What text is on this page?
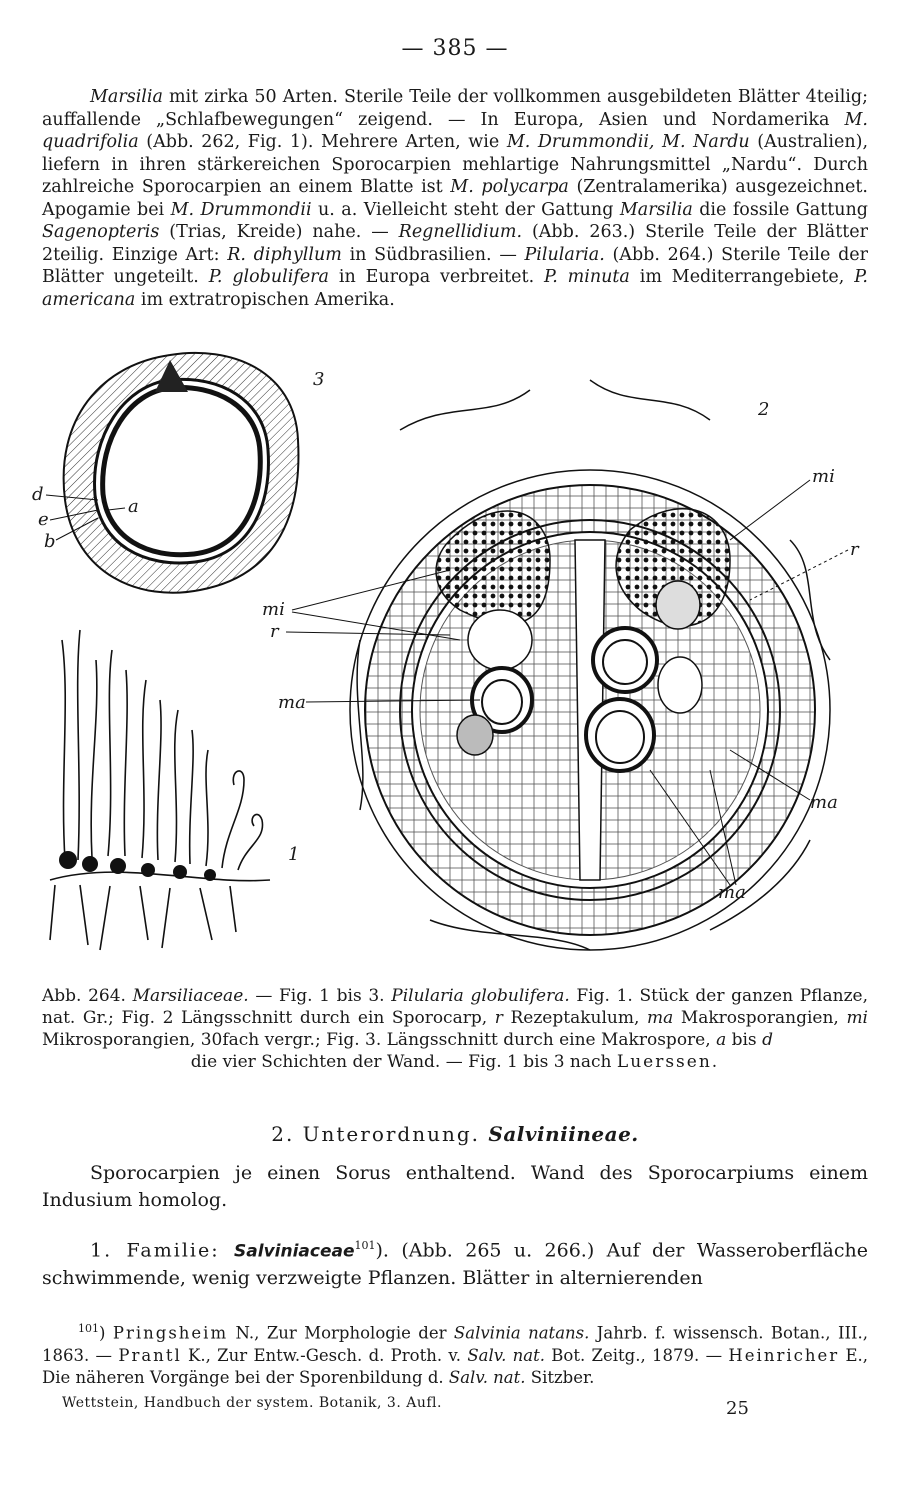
— 385 —

Marsilia mit zirka 50 Arten. Sterile Teile der vollkommen ausgebildeten Blätter 4teilig; auffallende „Schlafbewegungen“ zeigend. — In Europa, Asien und Nordamerika M. quadrifolia (Abb. 262, Fig. 1). Mehrere Arten, wie M. Drummondii, M. Nardu (Australien), liefern in ihren stärkereichen Sporocarpien mehlartige Nahrungsmittel „Nardu“. Durch zahlreiche Sporocarpien an einem Blatte ist M. polycarpa (Zentralamerika) ausgezeichnet. Apogamie bei M. Drummondii u. a. Vielleicht steht der Gattung Marsilia die fossile Gattung Sagenopteris (Trias, Kreide) nahe. — Regnellidium. (Abb. 263.) Sterile Teile der Blätter 2teilig. Einzige Art: R. diphyllum in Südbrasilien. — Pilularia. (Abb. 264.) Sterile Teile der Blätter ungeteilt. P. globulifera in Europa verbreitet. P. minuta im Mediterrangebiete, P. americana im extratropischen Amerika.

3
d
e
b
a
1
2
mi
r
mi
r
ma
ma
ma

Abb. 264. Marsiliaceae. — Fig. 1 bis 3. Pilularia globulifera. Fig. 1. Stück der ganzen Pflanze, nat. Gr.; Fig. 2 Längsschnitt durch ein Sporocarp, r Rezeptakulum, ma Makrosporangien, mi Mikrosporangien, 30fach vergr.; Fig. 3. Längsschnitt durch eine Makrospore, a bis d
die vier Schichten der Wand. — Fig. 1 bis 3 nach Luerssen.

2. Unterordnung. Salviniineae.

Sporocarpien je einen Sorus enthaltend. Wand des Sporocarpiums einem Indusium homolog.

1. Familie: Salviniaceae$^{101}$). (Abb. 265 u. 266.) Auf der Wasseroberfläche schwimmende, wenig verzweigte Pflanzen. Blätter in alternierenden

$^{101}$) Pringsheim N., Zur Morphologie der Salvinia natans. Jahrb. f. wissensch. Botan., III., 1863. — Prantl K., Zur Entw.-Gesch. d. Proth. v. Salv. nat. Bot. Zeitg., 1879. — Heinricher E., Die näheren Vorgänge bei der Sporenbildung d. Salv. nat. Sitzber.

Wettstein, Handbuch der system. Botanik, 3. Aufl.	25
